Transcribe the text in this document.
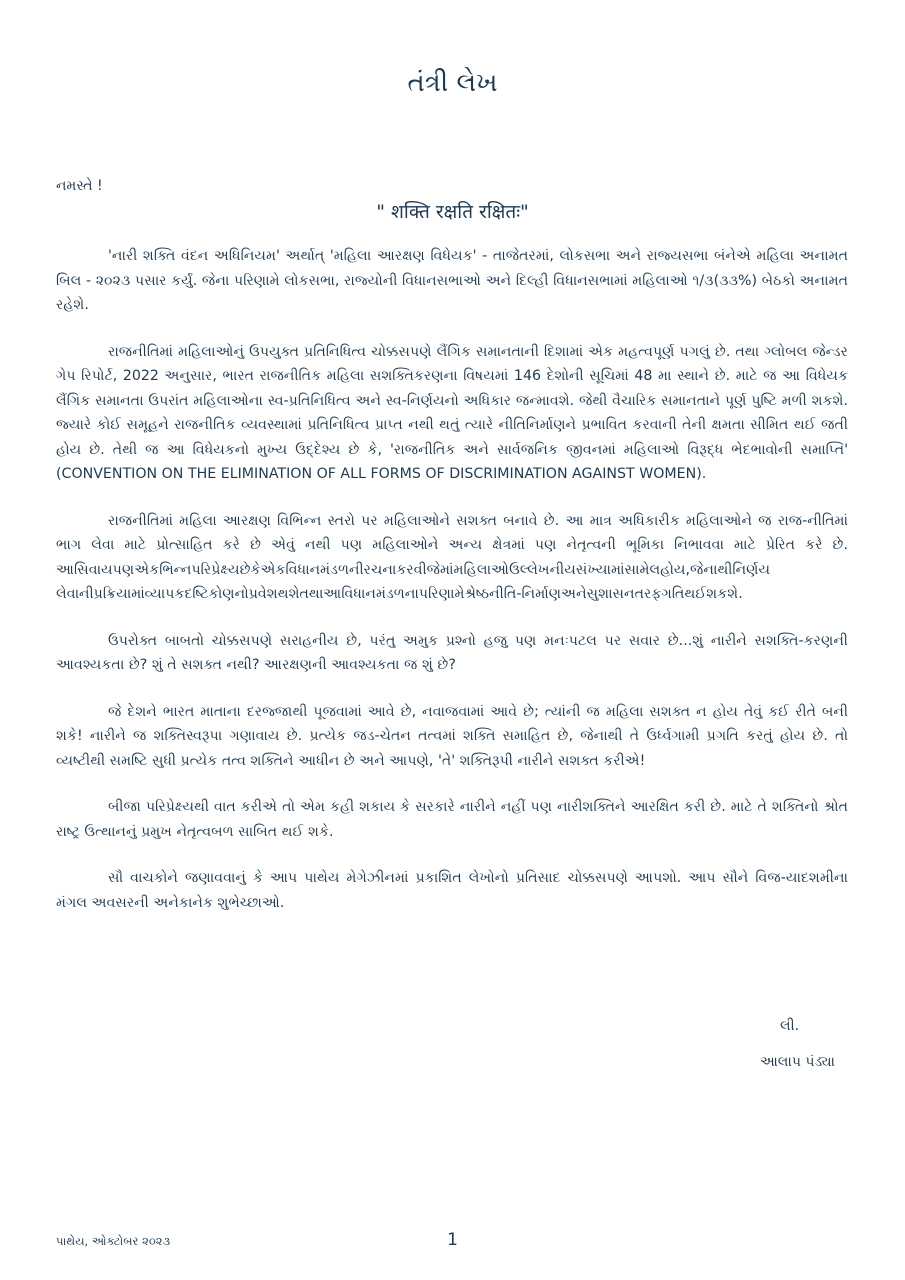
તંત્રી લેખ
નમસ્તે !
" शक्ति रक्षति रक्षितः"

'નારી શક્તિ વંદન અધિનિયમ' અર્થાત્ 'મહિલા આરક્ષણ વિધેયક' - તાજેતરમાં, લોકસભા અને રાજ્યસભા બંનેએ મહિલા અનામત બિલ - ૨૦૨૩ પસાર કર્યું. જેના પરિણામે લોકસભા, રાજ્યોની વિધાનસભાઓ અને દિલ્હી વિધાનસભામાં મહિલાઓ ૧/૩(૩૩%) બેઠકો અનામત રહેશે.

રાજનીતિમાં મહિલાઓનું ઉપયુક્ત પ્રતિનિધિત્વ ચોક્કસપણે લૈંગિક સમાનતાની દિશામાં એક મહત્વપૂર્ણ પગલું છે. તથા ગ્લોબલ જેન્ડર ગેપ રિપોર્ટ, 2022 અનુસાર, ભારત રાજનીતિક મહિલા સશક્તિકરણના વિષયમાં 146 દેશોની સૂચિમાં 48 મા સ્થાને છે. માટે જ આ વિધેયક લૈંગિક સમાનતા ઉપરાંત મહિલાઓના સ્વ-પ્રતિનિધિત્વ અને સ્વ-નિર્ણયનો અધિકાર જન્માવશે. જેથી વૈચારિક સમાનતાને પૂર્ણ પુષ્ટિ મળી શકશે. જ્યારે કોઈ સમૂહને રાજનીતિક વ્યવસ્થામાં પ્રતિનિધિત્વ પ્રાપ્ત નથી થતું ત્યારે નીતિનિર્માણને પ્રભાવિત કરવાની તેની ક્ષમતા સીમિત થઈ જતી હોય છે. તેથી જ આ વિધેયકનો મુખ્ય ઉદ્દેશ્ય છે કે, 'રાજનીતિક અને સાર્વજનિક જીવનમાં મહિલાઓ વિરૂદ્ધ ભેદભાવોની સમાપ્તિ' (CONVENTION ON THE ELIMINATION OF ALL FORMS OF DISCRIMINATION AGAINST WOMEN).

રાજનીતિમાં મહિલા આરક્ષણ વિભિન્ન સ્તરો પર મહિલાઓને સશક્ત બનાવે છે. આ માત્ર અધિકારીક મહિલાઓને જ રાજ-નીતિમાં ભાગ લેવા માટે પ્રોત્સાહિત કરે છે એવું નથી પણ મહિલાઓને અન્ય ક્ષેત્રમાં પણ નેતૃત્વની ભૂમિકા નિભાવવા માટે પ્રેરિત કરે છે. આસિવાયપણએકભિન્નપરિપ્રેક્ષ્યછેકેએકવિધાનમંડળનીરચનાકરવીજેમાંમહિલાઓઉલ્લેખનીયસંખ્યામાંસામેલહોય,જેનાથીનિર્ણય લેવાનીપ્રક્રિયામાંવ્યાપકદષ્ટિકોણનોપ્રવેશથશેતથાઆવિધાનમંડળનાપરિણામેશ્રેષ્ઠનીતિ-નિર્માણઅનેસુશાસનતરફગતિથઈશકશે.

ઉપરોક્ત બાબતો ચોક્કસપણે સરાહનીય છે, પરંતુ અમુક પ્રશ્નો હજુ પણ મનઃપટલ પર સવાર છે...શું નારીને સશક્તિ-કરણની આવશ્યકતા છે? શું તે સશક્ત નથી? આરક્ષણની આવશ્યકતા જ શું છે?

જે દેશને ભારત માતાના દરજ્જાથી પૂજવામાં આવે છે, નવાજવામાં આવે છે; ત્યાંની જ મહિલા સશક્ત ન હોય તેવું કઈ રીતે બની શકે! નારીને જ શક્તિસ્વરૂપા ગણાવાય છે. પ્રત્યેક જડ-ચેતન તત્વમાં શક્તિ સમાહિત છે, જેનાથી તે ઉર્ધ્વગામી પ્રગતિ કરતું હોય છે. તો વ્યષ્ટીથી સમષ્ટિ સુધી પ્રત્યેક તત્વ શક્તિને આધીન છે અને આપણે, 'તે' શક્તિરૂપી નારીને સશક્ત કરીએ!

બીજા પરિપ્રેક્ષ્યથી વાત કરીએ તો એમ કહી શકાય કે સરકારે નારીને નહીં પણ નારીશક્તિને આરક્ષિત કરી છે. માટે તે શક્તિનો શ્રોત રાષ્ટ્ર ઉત્થાનનું પ્રમુખ નેતૃત્વબળ સાબિત થઈ શકે.

સૌ વાચકોને જણાવવાનું કે આપ પાથેય મેગેઝીનમાં પ્રકાશિત લેખોનો પ્રતિસાદ ચોક્કસપણે આપશો. આપ સૌને વિજ-યાદશમીના મંગલ અવસરની અનેકાનેક શુભેચ્છાઓ.

લી.
આલાપ પંડ્યા
પાથેય, ઓક્ટોબર ૨૦૨૩	1
